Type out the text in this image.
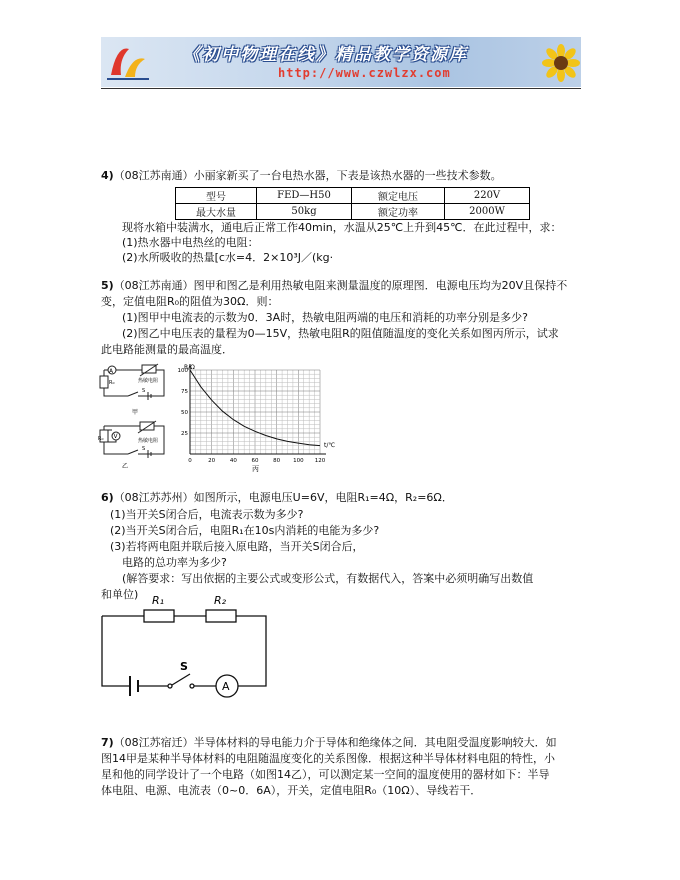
《初中物理在线》精品教学资源库
http://www.czwlzx.com
4)（08江苏南通）小丽家新买了一台电热水器，下表是该热水器的一些技术参数。
型号	FED—H50	额定电压	220V
最大水量	50kg	额定功率	2000W
现将水箱中装满水，通电后正常工作40min，水温从25℃上升到45℃．在此过程中，求：
(1)热水器中电热丝的电阻：
(2)水所吸收的热量[c水=4．2×10³J／(kg·
5)（08江苏南通）图甲和图乙是利用热敏电阻来测量温度的原理图．电源电压均为20V且保持不
变，定值电阻R₀的阻值为30Ω．则：
(1)图甲中电流表的示数为0．3A时，热敏电阻两端的电压和消耗的功率分别是多少?
(2)图乙中电压表的量程为0—15V，热敏电阻R的阻值随温度的变化关系如图丙所示，试求
此电路能测量的最高温度．
A
R₀	热敏电阻
S
甲
V
R₀	热敏电阻
S
乙
0	20	40	60	80 100 120
25
50
75
100
R/Ω
t/℃
丙
6)（08江苏苏州）如图所示，电源电压U=6V，电阻R₁=4Ω，R₂=6Ω．
(1)当开关S闭合后，电流表示数为多少?
(2)当开关S闭合后，电阻R₁在10s内消耗的电能为多少?
(3)若将两电阻并联后接入原电路，当开关S闭合后，
电路的总功率为多少?
(解答要求：写出依据的主要公式或变形公式，有数据代入，答案中必须明确写出数值
和单位) R₁	R₂
S
A
7)（08江苏宿迁）半导体材料的导电能力介于导体和绝缘体之间．其电阻受温度影响较大．如
图14甲是某种半导体材料的电阻随温度变化的关系图像．根据这种半导体材料电阻的特性，小
星和他的同学设计了一个电路（如图14乙），可以测定某一空间的温度使用的器材如下：半导
体电阻、电源、电流表（0~0．6A），开关，定值电阻R₀（10Ω）、导线若干．
